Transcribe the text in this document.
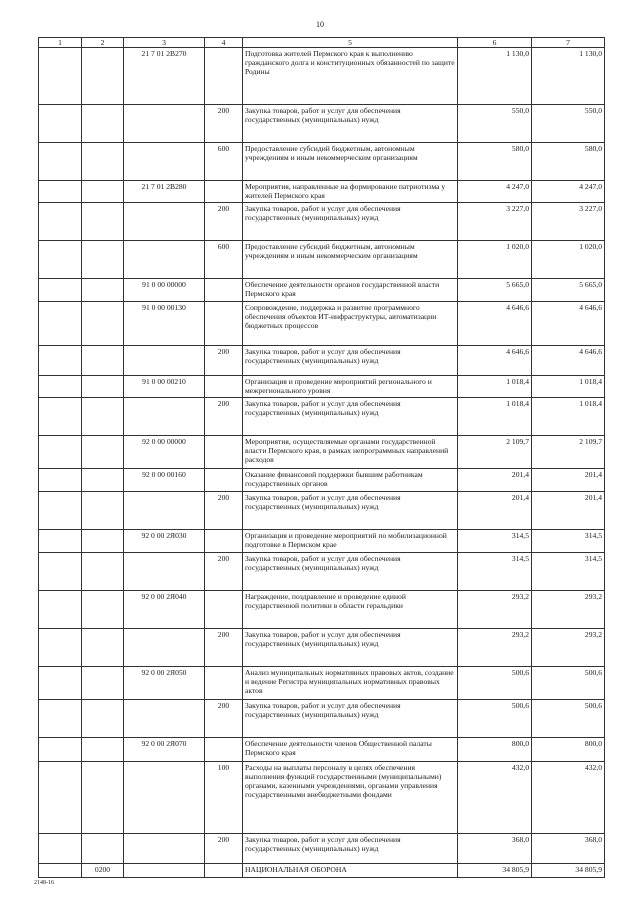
10
1	2	3	4	5	6	7
		21 7 01 2В270		Подготовка жителей Пермского края к выполнению гражданского долга и конституционных обязанностей по защите Родины	1 130,0	1 130,0
			200	Закупка товаров, работ и услуг для обеспечения государственных (муниципальных) нужд	550,0	550,0
			600	Предоставление субсидий бюджетным, автономным учреждениям и иным некоммерческим организациям	580,0	580,0
		21 7 01 2В280		Мероприятия, направленные на формирование патриотизма у жителей Пермского края	4 247,0	4 247,0
			200	Закупка товаров, работ и услуг для обеспечения государственных (муниципальных) нужд	3 227,0	3 227,0
			600	Предоставление субсидий бюджетным, автономным учреждениям и иным некоммерческим организациям	1 020,0	1 020,0
		91 0 00 00000		Обеспечение деятельности органов государственной власти Пермского края	5 665,0	5 665,0
		91 0 00 00130		Сопровождение, поддержка и развитие программного обеспечения объектов ИТ-инфраструктуры, автоматизации бюджетных процессов	4 646,6	4 646,6
			200	Закупка товаров, работ и услуг для обеспечения государственных (муниципальных) нужд	4 646,6	4 646,6
		91 0 00 00210		Организация и проведение мероприятий регионального и межрегионального уровня	1 018,4	1 018,4
			200	Закупка товаров, работ и услуг для обеспечения государственных (муниципальных) нужд	1 018,4	1 018,4
		92 0 00 00000		Мероприятия, осуществляемые органами государственной власти Пермского края, в рамках непрограммных направлений расходов	2 109,7	2 109,7
		92 0 00 00160		Оказание финансовой поддержки бывшим работникам государственных органов	201,4	201,4
			200	Закупка товаров, работ и услуг для обеспечения государственных (муниципальных) нужд	201,4	201,4
		92 0 00 2Я030		Организация и проведение мероприятий по мобилизационной подготовке в Пермском крае	314,5	314,5
			200	Закупка товаров, работ и услуг для обеспечения государственных (муниципальных) нужд	314,5	314,5
		92 0 00 2Я040		Награждение, поздравление и проведение единой государственной политики в области геральдики	293,2	293,2
			200	Закупка товаров, работ и услуг для обеспечения государственных (муниципальных) нужд	293,2	293,2
		92 0 00 2Я050		Анализ муниципальных нормативных правовых актов, создание и ведение Регистра муниципальных нормативных правовых актов	500,6	500,6
			200	Закупка товаров, работ и услуг для обеспечения государственных (муниципальных) нужд	500,6	500,6
		92 0 00 2Я070		Обеспечение деятельности членов Общественной палаты Пермского края	800,0	800,0
			100	Расходы на выплаты персоналу в целях обеспечения выполнения функций государственными (муниципальными) органами, казенными учреждениями, органами управления государственными внебюджетными фондами	432,0	432,0
			200	Закупка товаров, работ и услуг для обеспечения государственных (муниципальных) нужд	368,0	368,0
	0200			НАЦИОНАЛЬНАЯ ОБОРОНА	34 805,9	34 805,9
2148-16
